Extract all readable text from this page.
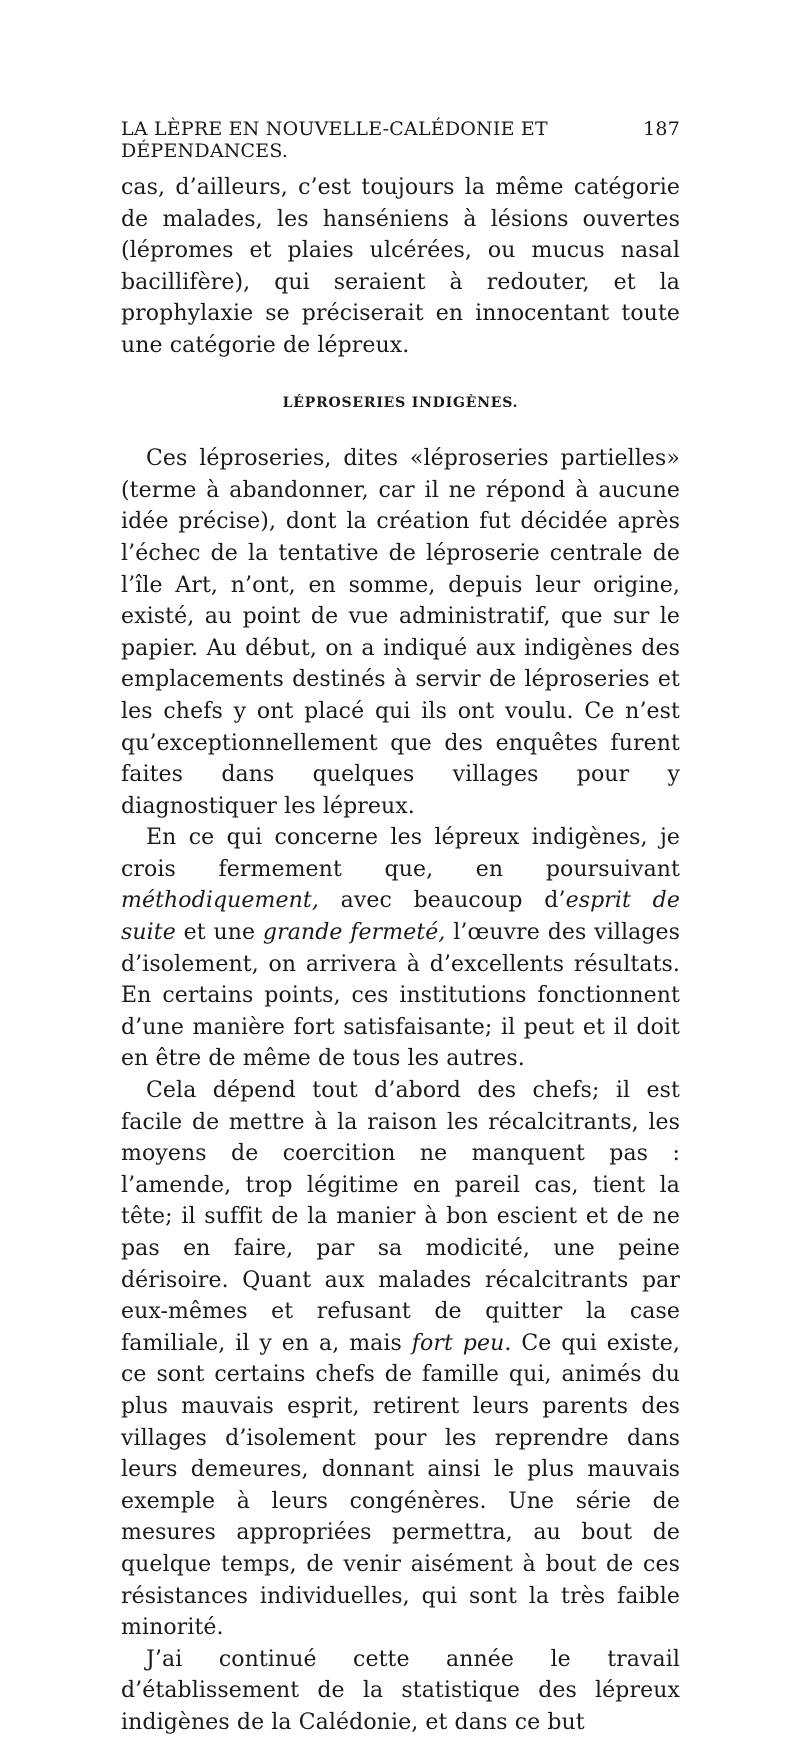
LA LÈPRE EN NOUVELLE-CALÉDONIE ET DÉPENDANCES.
187

cas, d’ailleurs, c’est toujours la même catégorie de malades, les hanséniens à lésions ouvertes (lépromes et plaies ulcérées, ou mucus nasal bacillifère), qui seraient à redouter, et la prophylaxie se préciserait en innocentant toute une catégorie de lépreux.

LÉPROSERIES INDIGÈNES.

Ces léproseries, dites «léproseries partielles» (terme à abandonner, car il ne répond à aucune idée précise), dont la création fut décidée après l’échec de la tentative de léproserie centrale de l’île Art, n’ont, en somme, depuis leur origine, existé, au point de vue administratif, que sur le papier. Au début, on a indiqué aux indigènes des emplacements destinés à servir de léproseries et les chefs y ont placé qui ils ont voulu. Ce n’est qu’exceptionnellement que des enquêtes furent faites dans quelques villages pour y diagnostiquer les lépreux.

En ce qui concerne les lépreux indigènes, je crois fermement que, en poursuivant méthodiquement, avec beaucoup d’esprit de suite et une grande fermeté, l’œuvre des villages d’isolement, on arrivera à d’excellents résultats. En certains points, ces institutions fonctionnent d’une manière fort satisfaisante; il peut et il doit en être de même de tous les autres.

Cela dépend tout d’abord des chefs; il est facile de mettre à la raison les récalcitrants, les moyens de coercition ne manquent pas : l’amende, trop légitime en pareil cas, tient la tête; il suffit de la manier à bon escient et de ne pas en faire, par sa modicité, une peine dérisoire. Quant aux malades récalcitrants par eux-mêmes et refusant de quitter la case familiale, il y en a, mais fort peu. Ce qui existe, ce sont certains chefs de famille qui, animés du plus mauvais esprit, retirent leurs parents des villages d’isolement pour les reprendre dans leurs demeures, donnant ainsi le plus mauvais exemple à leurs congénères. Une série de mesures appropriées permettra, au bout de quelque temps, de venir aisément à bout de ces résistances individuelles, qui sont la très faible minorité.

J’ai continué cette année le travail d’établissement de la statistique des lépreux indigènes de la Calédonie, et dans ce but
